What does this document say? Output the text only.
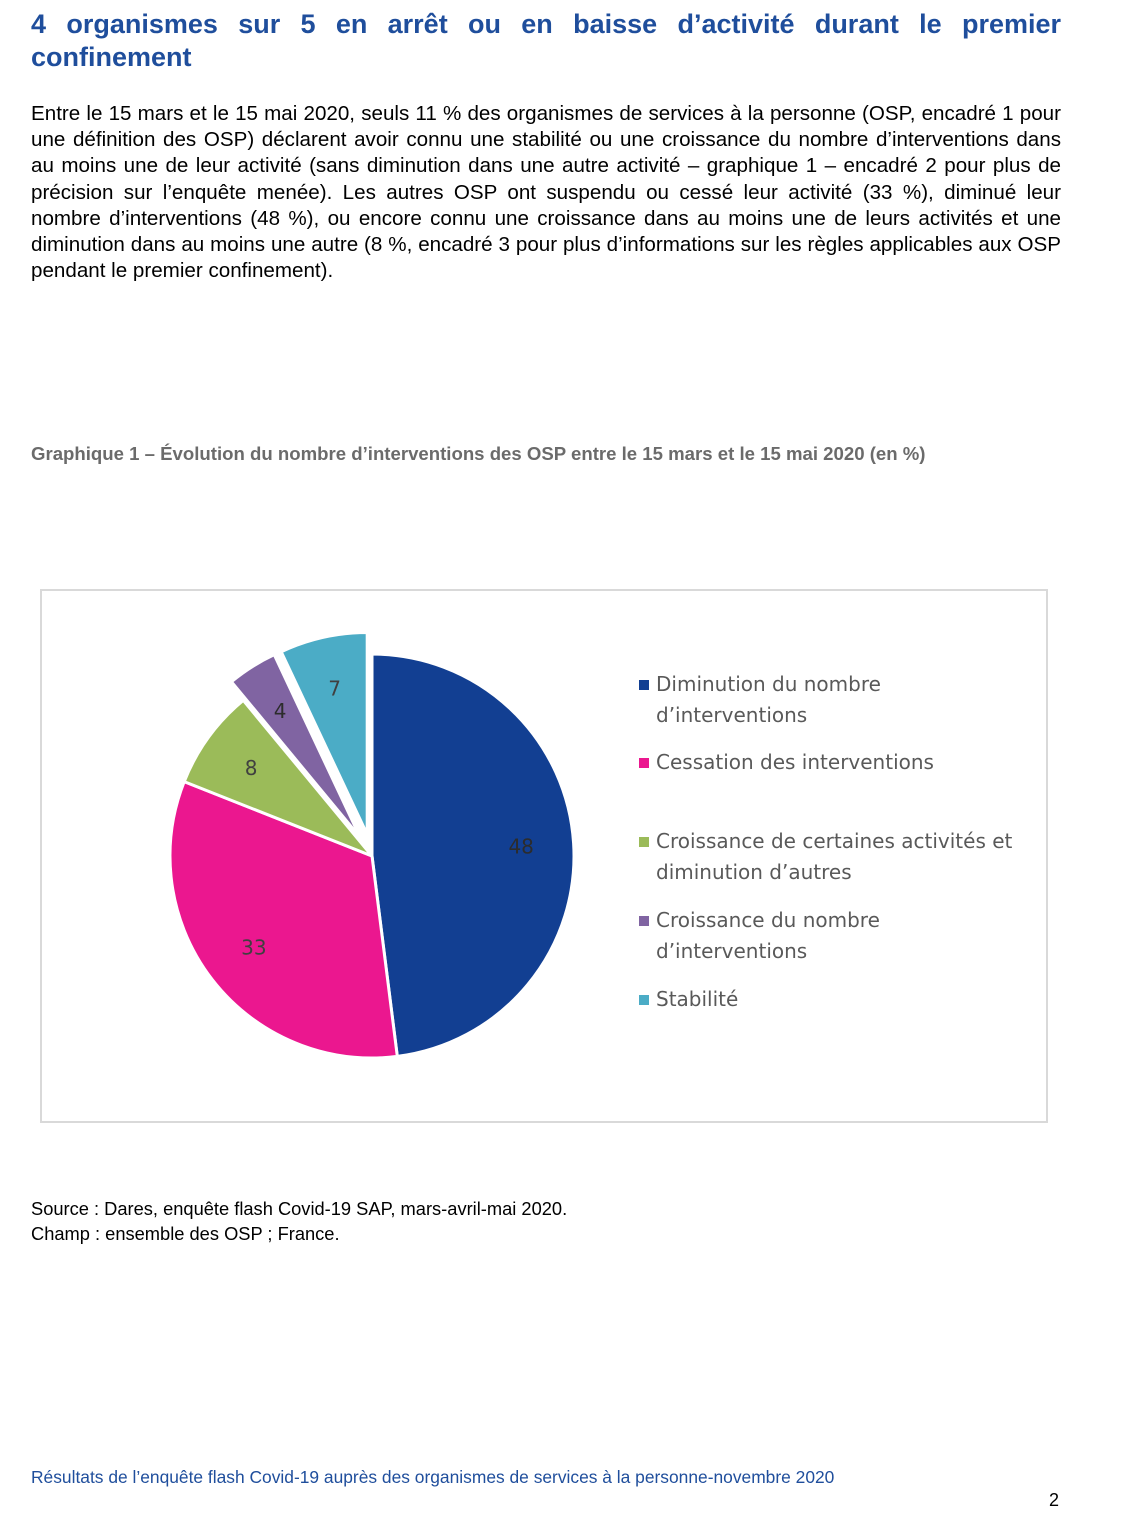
4 organismes sur 5 en arrêt ou en baisse d’activité durant le premier confinement

Entre le 15 mars et le 15 mai 2020, seuls 11 % des organismes de services à la personne (OSP, encadré 1 pour une définition des OSP) déclarent avoir connu une stabilité ou une croissance du nombre d’interventions dans au moins une de leur activité (sans diminution dans une autre activité – graphique 1 – encadré 2 pour plus de précision sur l’enquête menée). Les autres OSP ont suspendu ou cessé leur activité (33 %), diminué leur nombre d’interventions (48 %), ou encore connu une croissance dans au moins une de leurs activités et une diminution dans au moins une autre (8 %, encadré 3 pour plus d’informations sur les règles applicables aux OSP pendant le premier confinement).

Graphique 1 – Évolution du nombre d’interventions des OSP entre le 15 mars et le 15 mai 2020 (en %)

48
33
8
4
7	Diminution du nombre d’interventions
Cessation des interventions
Croissance de certaines activités et diminution d’autres
Croissance du nombre d’interventions
Stabilité
Source : Dares, enquête flash Covid-19 SAP, mars-avril-mai 2020.
Champ : ensemble des OSP ; France.

Résultats de l’enquête flash Covid-19 auprès des organismes de services à la personne-novembre 2020

2
